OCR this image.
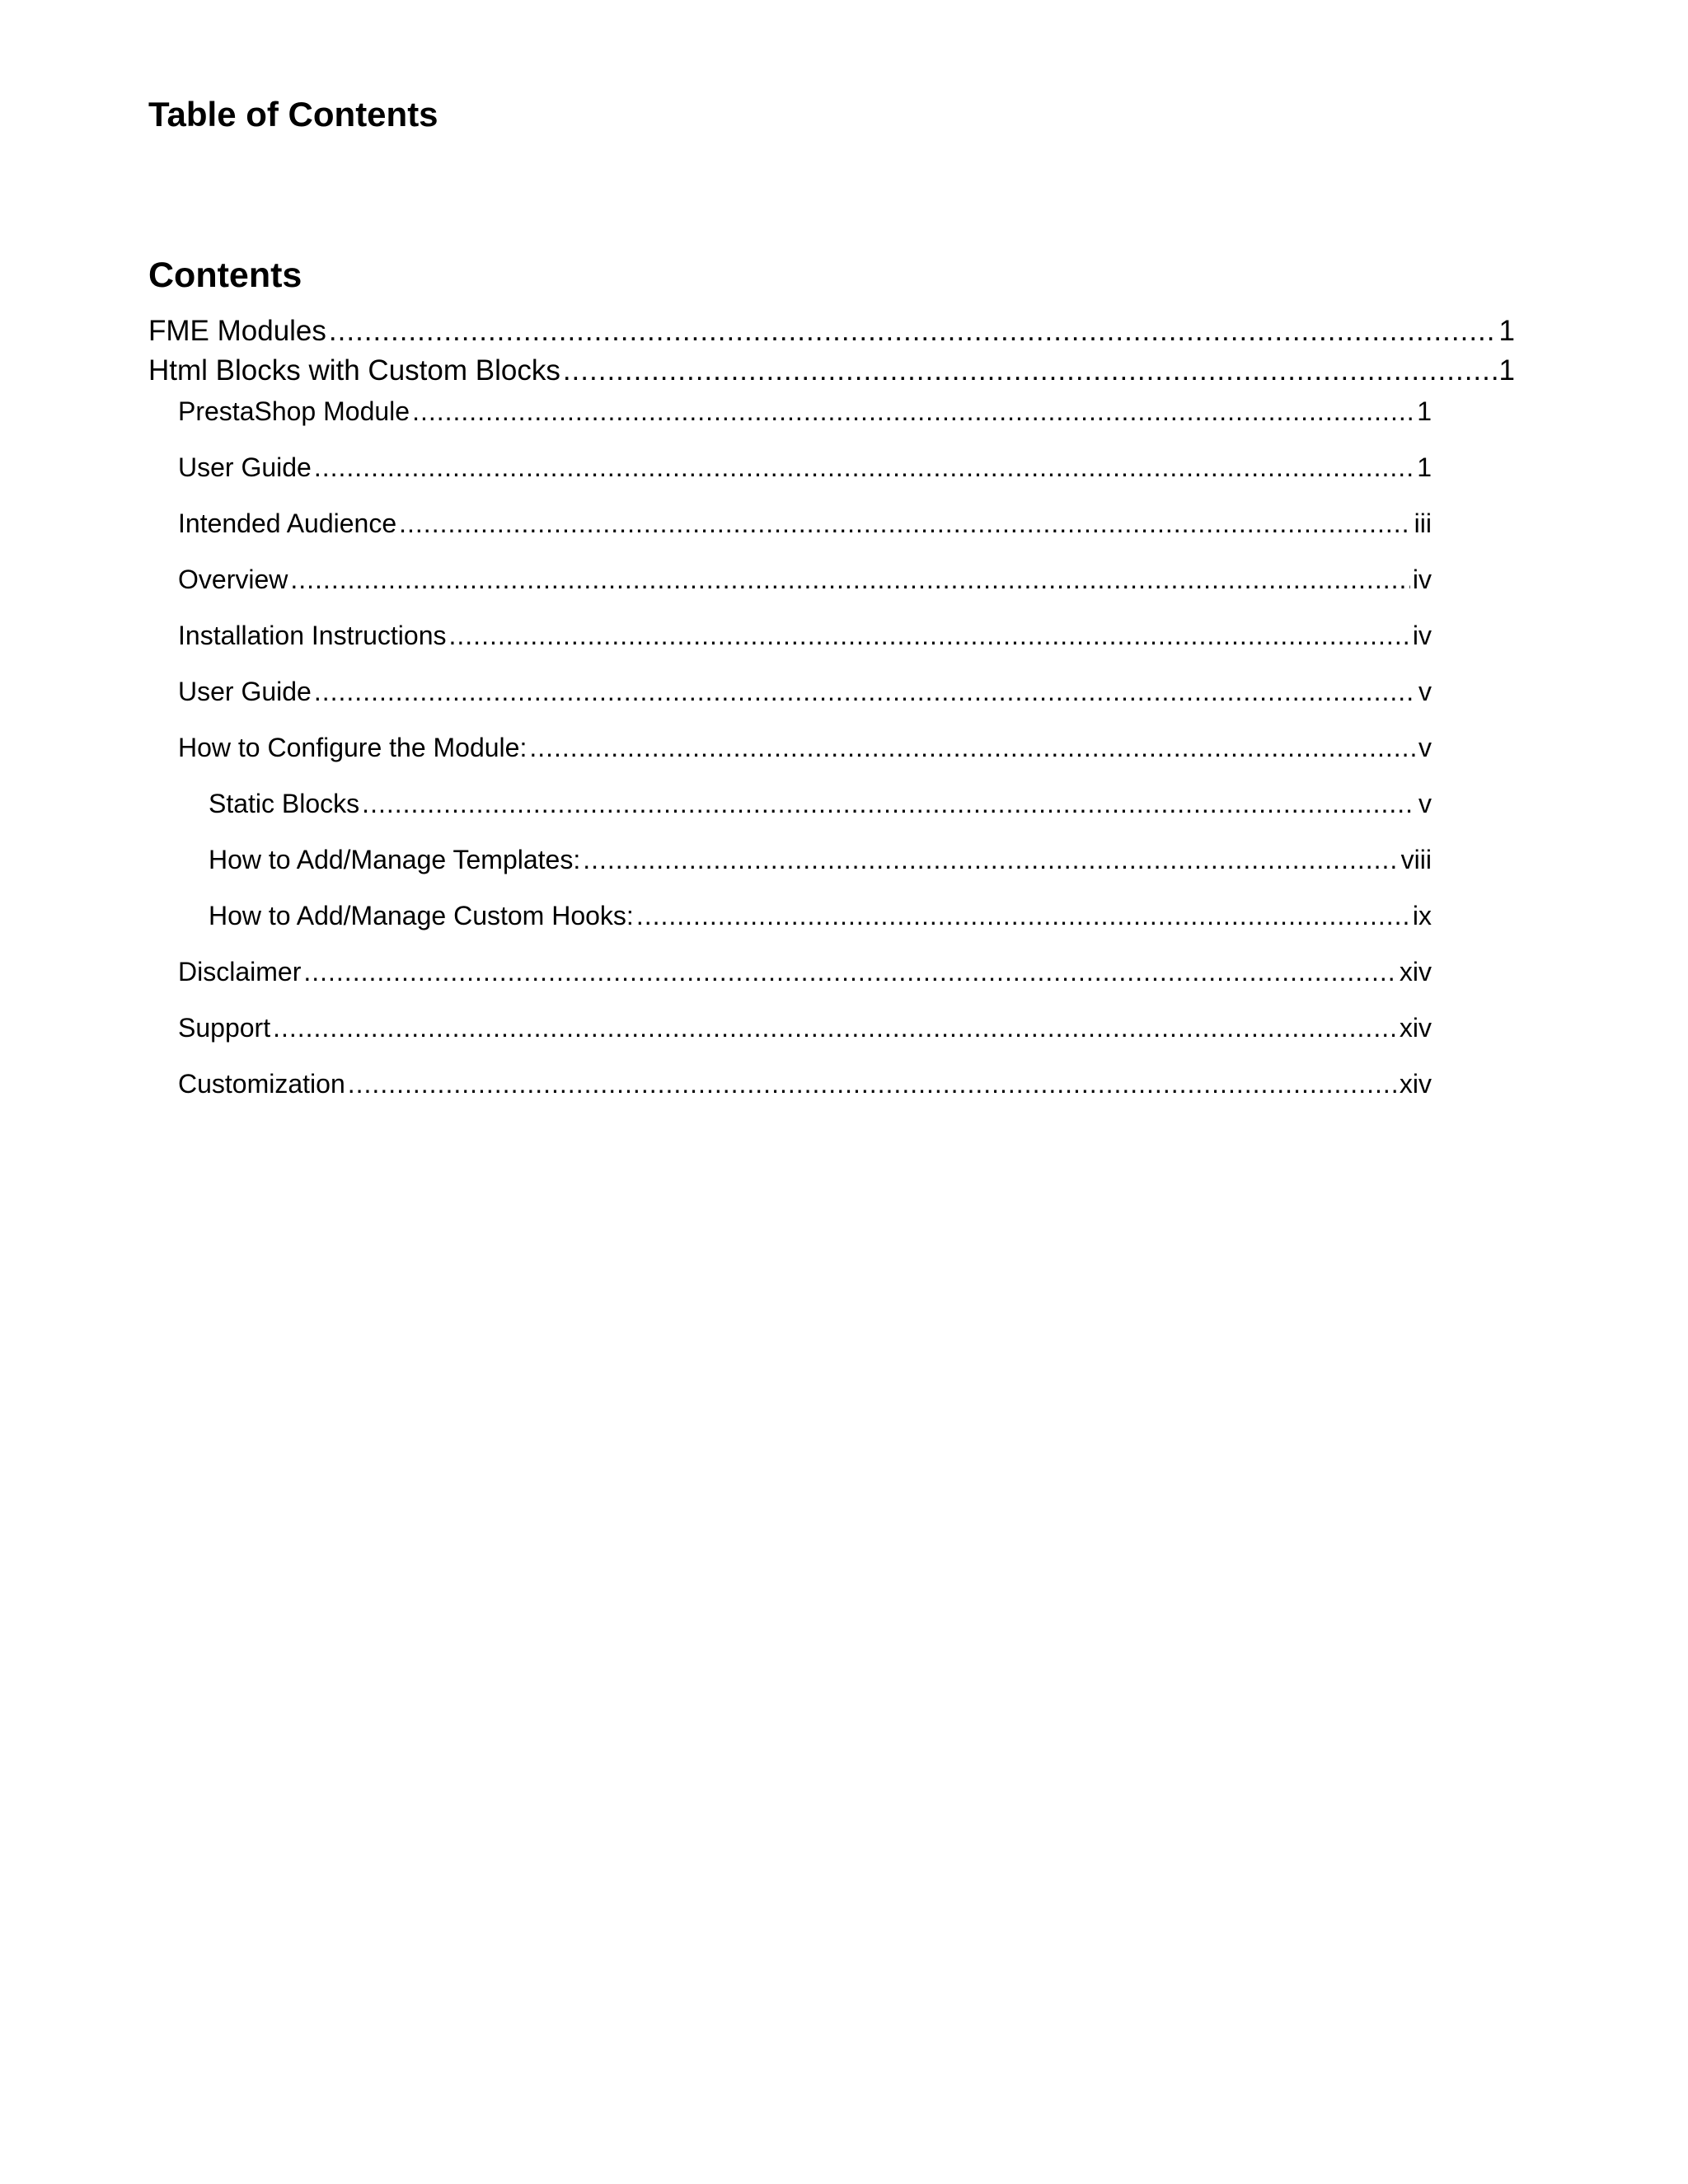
Table of Contents
Contents
FME Modules .....	1
Html Blocks with Custom Blocks .....	1
PrestaShop Module .....	1
User Guide .....	1
Intended Audience .....	iii
Overview .....	iv
Installation Instructions .....	iv
User Guide .....	v
How to Configure the Module: .....	v
Static Blocks .....	v
How to Add/Manage Templates: .....	viii
How to Add/Manage Custom Hooks: .....	ix
Disclaimer .....	xiv
Support .....	xiv
Customization .....	xiv
